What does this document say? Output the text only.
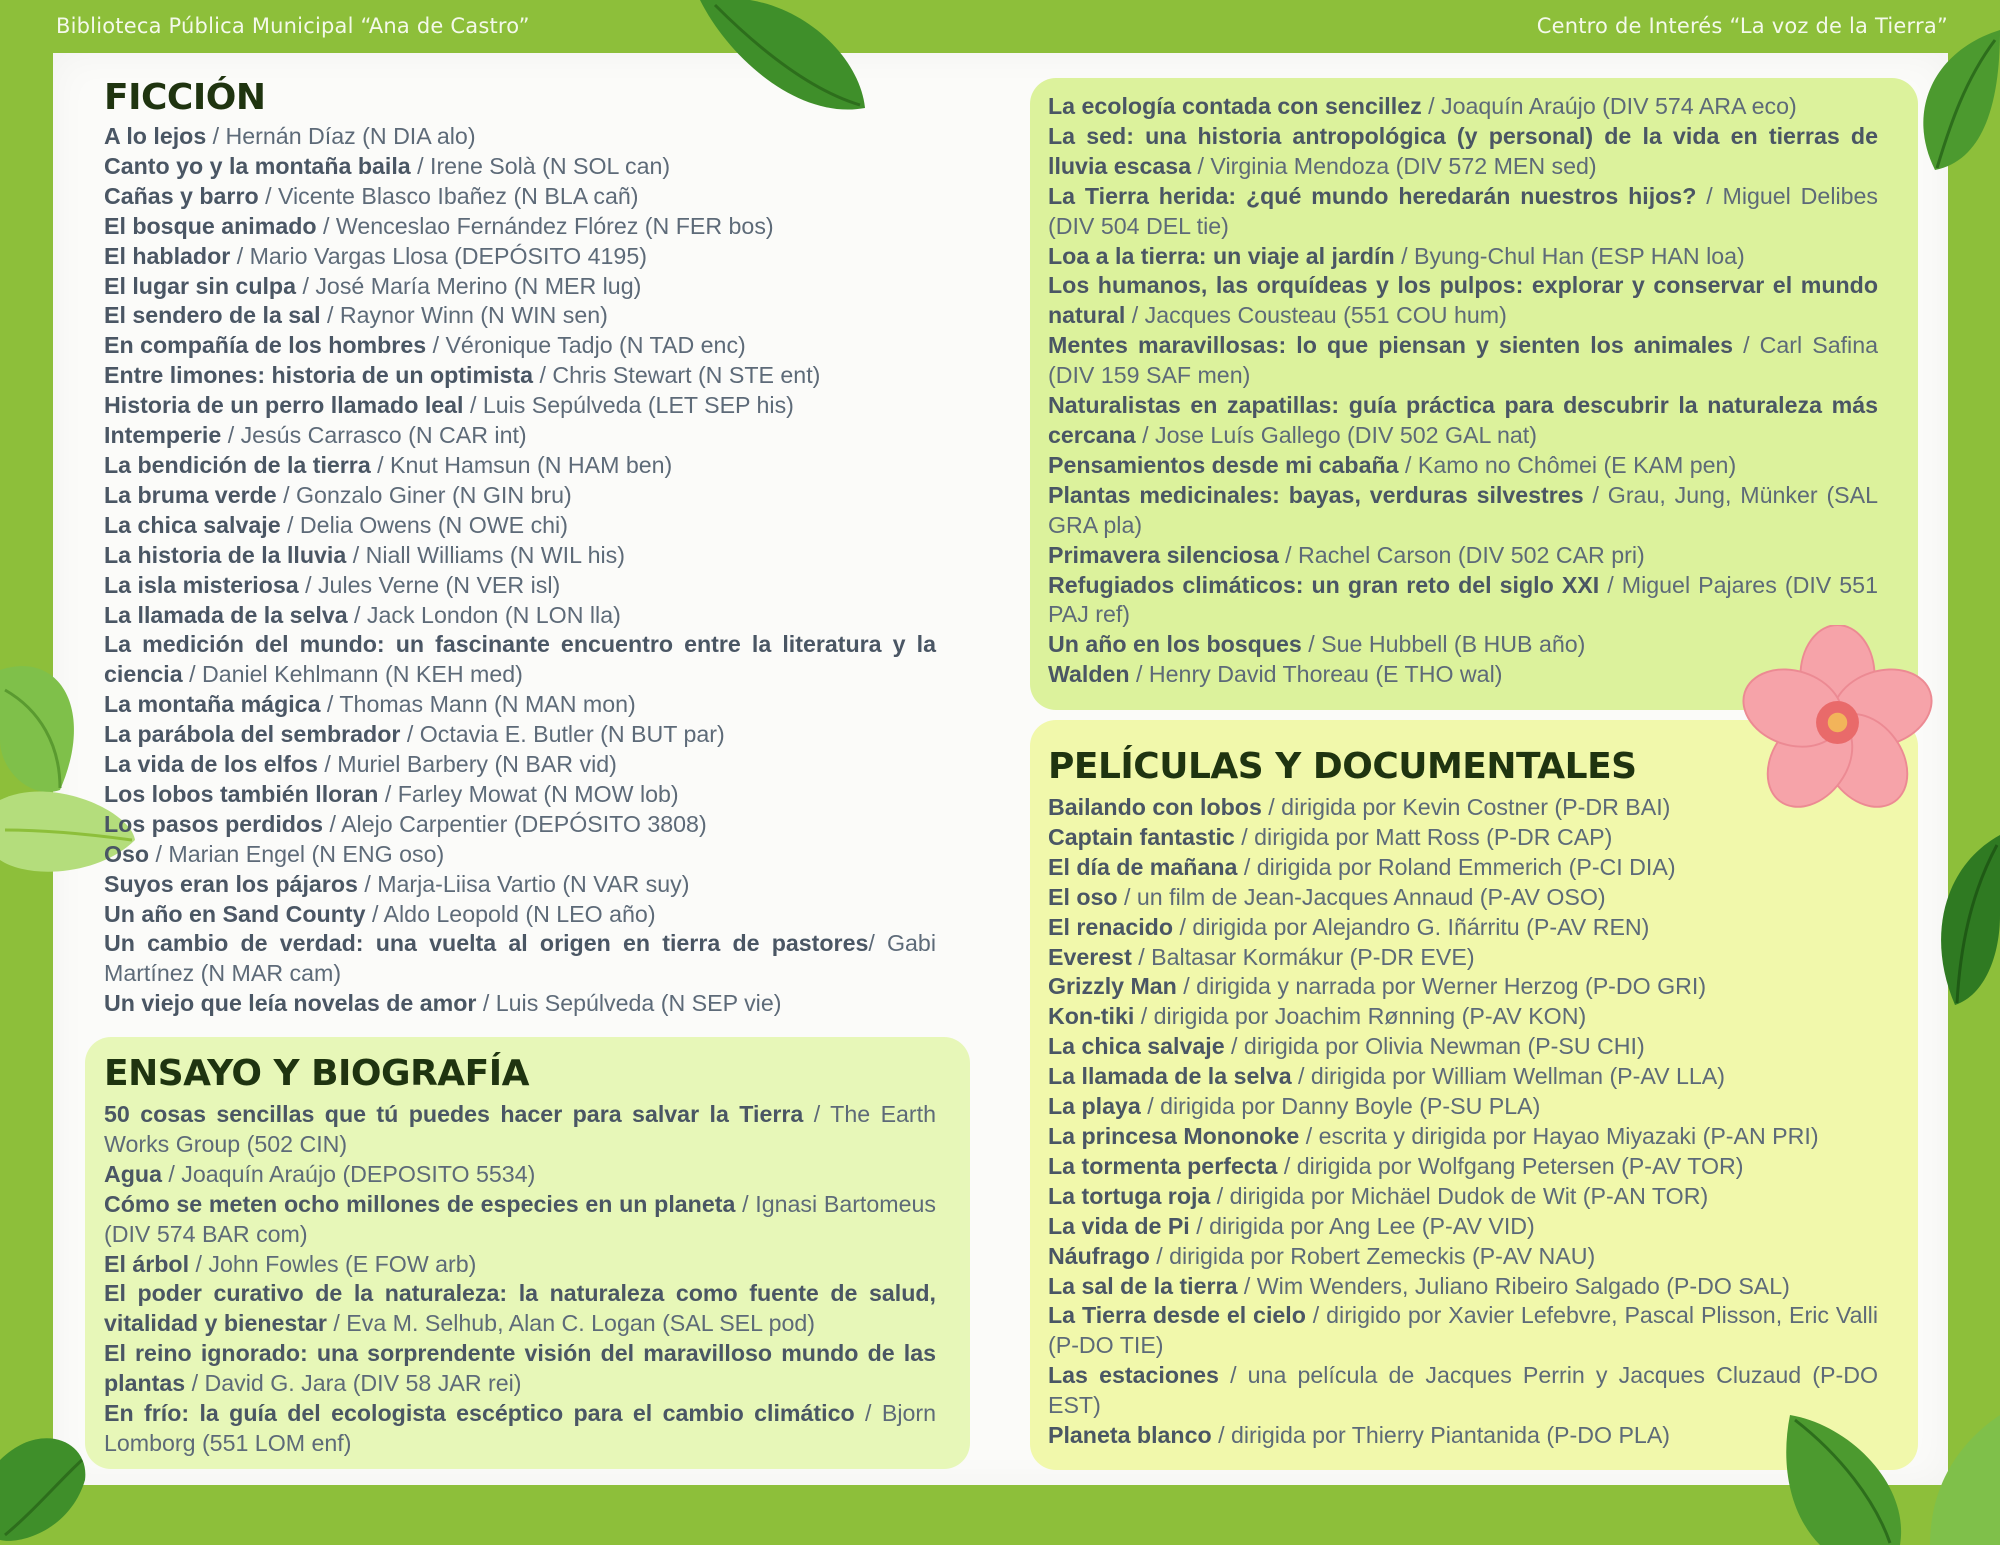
Biblioteca Pública Municipal “Ana de Castro”	Centro de Interés “La voz de la Tierra”
FICCIÓN

A lo lejos / Hernán Díaz (N DIA alo)

Canto yo y la montaña baila / Irene Solà (N SOL can)

Cañas y barro / Vicente Blasco Ibañez (N BLA cañ)

El bosque animado / Wenceslao Fernández Flórez (N FER bos)

El hablador / Mario Vargas Llosa (DEPÓSITO 4195)

El lugar sin culpa / José María Merino (N MER lug)

El sendero de la sal / Raynor Winn (N WIN sen)

En compañía de los hombres / Véronique Tadjo (N TAD enc)

Entre limones: historia de un optimista / Chris Stewart (N STE ent)

Historia de un perro llamado leal / Luis Sepúlveda (LET SEP his)

Intemperie / Jesús Carrasco (N CAR int)

La bendición de la tierra / Knut Hamsun (N HAM ben)

La bruma verde / Gonzalo Giner (N GIN bru)

La chica salvaje / Delia Owens (N OWE chi)

La historia de la lluvia / Niall Williams (N WIL his)

La isla misteriosa / Jules Verne (N VER isl)

La llamada de la selva / Jack London (N LON lla)

La medición del mundo: un fascinante encuentro entre la literatura y la ciencia / Daniel Kehlmann (N KEH med)

La montaña mágica / Thomas Mann (N MAN mon)

La parábola del sembrador / Octavia E. Butler (N BUT par)

La vida de los elfos / Muriel Barbery (N BAR vid)

Los lobos también lloran / Farley Mowat (N MOW lob)

Los pasos perdidos / Alejo Carpentier (DEPÓSITO 3808)

Oso / Marian Engel (N ENG oso)

Suyos eran los pájaros / Marja-Liisa Vartio (N VAR suy)

Un año en Sand County / Aldo Leopold (N LEO año)

Un cambio de verdad: una vuelta al origen en tierra de pastores/ Gabi Martínez (N MAR cam)

Un viejo que leía novelas de amor / Luis Sepúlveda (N SEP vie)

ENSAYO Y BIOGRAFÍA

50 cosas sencillas que tú puedes hacer para salvar la Tierra / The Earth Works Group (502 CIN)

Agua / Joaquín Araújo (DEPOSITO 5534)

Cómo se meten ocho millones de especies en un planeta / Ignasi Bartomeus (DIV 574 BAR com)

El árbol / John Fowles (E FOW arb)

El poder curativo de la naturaleza: la naturaleza como fuente de salud, vitalidad y bienestar / Eva M. Selhub, Alan C. Logan (SAL SEL pod)

El reino ignorado: una sorprendente visión del maravilloso mundo de las plantas / David G. Jara (DIV 58 JAR rei)

En frío: la guía del ecologista escéptico para el cambio climático / Bjorn Lomborg (551 LOM enf)

La ecología contada con sencillez / Joaquín Araújo (DIV 574 ARA eco)

La sed: una historia antropológica (y personal) de la vida en tierras de lluvia escasa / Virginia Mendoza (DIV 572 MEN sed)

La Tierra herida: ¿qué mundo heredarán nuestros hijos? / Miguel Delibes (DIV 504 DEL tie)

Loa a la tierra: un viaje al jardín / Byung-Chul Han (ESP HAN loa)

Los humanos, las orquídeas y los pulpos: explorar y conservar el mundo natural / Jacques Cousteau (551 COU hum)

Mentes maravillosas: lo que piensan y sienten los animales / Carl Safina (DIV 159 SAF men)

Naturalistas en zapatillas: guía práctica para descubrir la naturaleza más cercana / Jose Luís Gallego (DIV 502 GAL nat)

Pensamientos desde mi cabaña / Kamo no Chômei (E KAM pen)

Plantas medicinales: bayas, verduras silvestres / Grau, Jung, Münker (SAL GRA pla)

Primavera silenciosa / Rachel Carson (DIV 502 CAR pri)

Refugiados climáticos: un gran reto del siglo XXI / Miguel Pajares (DIV 551 PAJ ref)

Un año en los bosques / Sue Hubbell (B HUB año)

Walden / Henry David Thoreau (E THO wal)

PELÍCULAS Y DOCUMENTALES

Bailando con lobos / dirigida por Kevin Costner (P-DR BAI)

Captain fantastic / dirigida por Matt Ross (P-DR CAP)

El día de mañana / dirigida por Roland Emmerich (P-CI DIA)

El oso / un film de Jean-Jacques Annaud (P-AV OSO)

El renacido / dirigida por Alejandro G. Iñárritu (P-AV REN)

Everest / Baltasar Kormákur (P-DR EVE)

Grizzly Man / dirigida y narrada por Werner Herzog (P-DO GRI)

Kon-tiki / dirigida por Joachim Rønning (P-AV KON)

La chica salvaje / dirigida por Olivia Newman (P-SU CHI)

La llamada de la selva / dirigida por William Wellman (P-AV LLA)

La playa / dirigida por Danny Boyle (P-SU PLA)

La princesa Mononoke / escrita y dirigida por Hayao Miyazaki (P-AN PRI)

La tormenta perfecta / dirigida por Wolfgang Petersen (P-AV TOR)

La tortuga roja / dirigida por Michäel Dudok de Wit (P-AN TOR)

La vida de Pi / dirigida por Ang Lee (P-AV VID)

Náufrago / dirigida por Robert Zemeckis (P-AV NAU)

La sal de la tierra / Wim Wenders, Juliano Ribeiro Salgado (P-DO SAL)

La Tierra desde el cielo / dirigido por Xavier Lefebvre, Pascal Plisson, Eric Valli (P-DO TIE)

Las estaciones / una película de Jacques Perrin y Jacques Cluzaud (P-DO EST)

Planeta blanco / dirigida por Thierry Piantanida (P-DO PLA)
